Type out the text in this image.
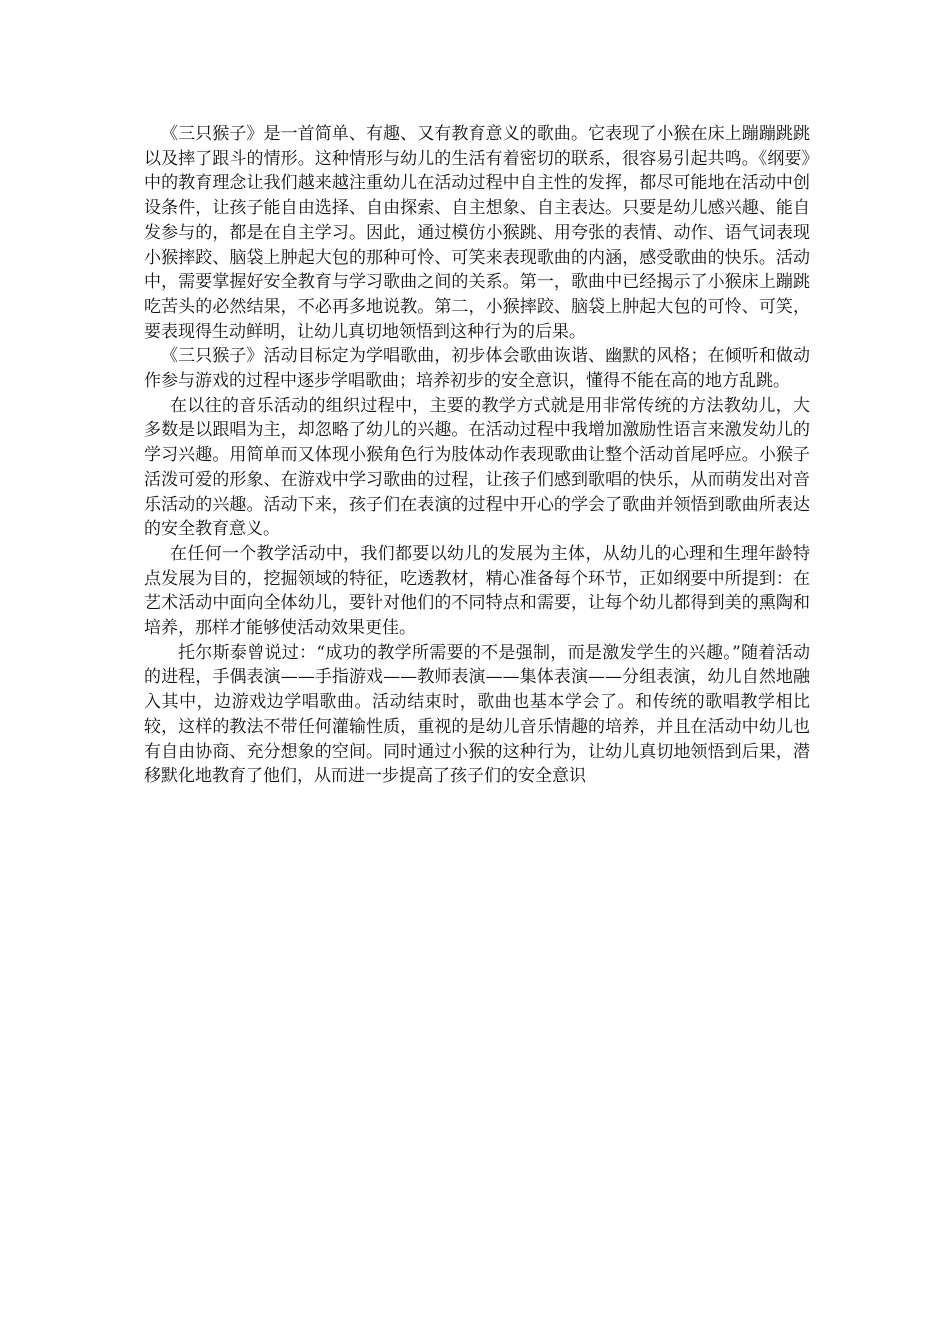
《三只猴子》是一首简单、有趣、又有教育意义的歌曲。它表现了小猴在床上蹦蹦跳跳以及摔了跟斗的情形。这种情形与幼儿的生活有着密切的联系，很容易引起共鸣。《纲要》中的教育理念让我们越来越注重幼儿在活动过程中自主性的发挥，都尽可能地在活动中创设条件，让孩子能自由选择、自由探索、自主想象、自主表达。只要是幼儿感兴趣、能自发参与的，都是在自主学习。因此，通过模仿小猴跳、用夸张的表情、动作、语气词表现小猴摔跤、脑袋上肿起大包的那种可怜、可笑来表现歌曲的内涵，感受歌曲的快乐。活动中，需要掌握好安全教育与学习歌曲之间的关系。第一，歌曲中已经揭示了小猴床上蹦跳吃苦头的必然结果，不必再多地说教。第二，小猴摔跤、脑袋上肿起大包的可怜、可笑，要表现得生动鲜明，让幼儿真切地领悟到这种行为的后果。

《三只猴子》活动目标定为学唱歌曲，初步体会歌曲诙谐、幽默的风格；在倾听和做动作参与游戏的过程中逐步学唱歌曲；培养初步的安全意识，懂得不能在高的地方乱跳。

在以往的音乐活动的组织过程中，主要的教学方式就是用非常传统的方法教幼儿，大多数是以跟唱为主，却忽略了幼儿的兴趣。在活动过程中我增加激励性语言来激发幼儿的学习兴趣。用简单而又体现小猴角色行为肢体动作表现歌曲让整个活动首尾呼应。小猴子活泼可爱的形象、在游戏中学习歌曲的过程，让孩子们感到歌唱的快乐，从而萌发出对音乐活动的兴趣。活动下来，孩子们在表演的过程中开心的学会了歌曲并领悟到歌曲所表达的安全教育意义。

在任何一个教学活动中，我们都要以幼儿的发展为主体，从幼儿的心理和生理年龄特点发展为目的，挖掘领域的特征，吃透教材，精心准备每个环节，正如纲要中所提到：在艺术活动中面向全体幼儿，要针对他们的不同特点和需要，让每个幼儿都得到美的熏陶和培养，那样才能够使活动效果更佳。

托尔斯泰曾说过：“成功的教学所需要的不是强制，而是激发学生的兴趣。”随着活动的进程，手偶表演——手指游戏——教师表演——集体表演——分组表演，幼儿自然地融入其中，边游戏边学唱歌曲。活动结束时，歌曲也基本学会了。和传统的歌唱教学相比较，这样的教法不带任何灌输性质，重视的是幼儿音乐情趣的培养，并且在活动中幼儿也有自由协商、充分想象的空间。同时通过小猴的这种行为，让幼儿真切地领悟到后果，潜移默化地教育了他们，从而进一步提高了孩子们的安全意识
